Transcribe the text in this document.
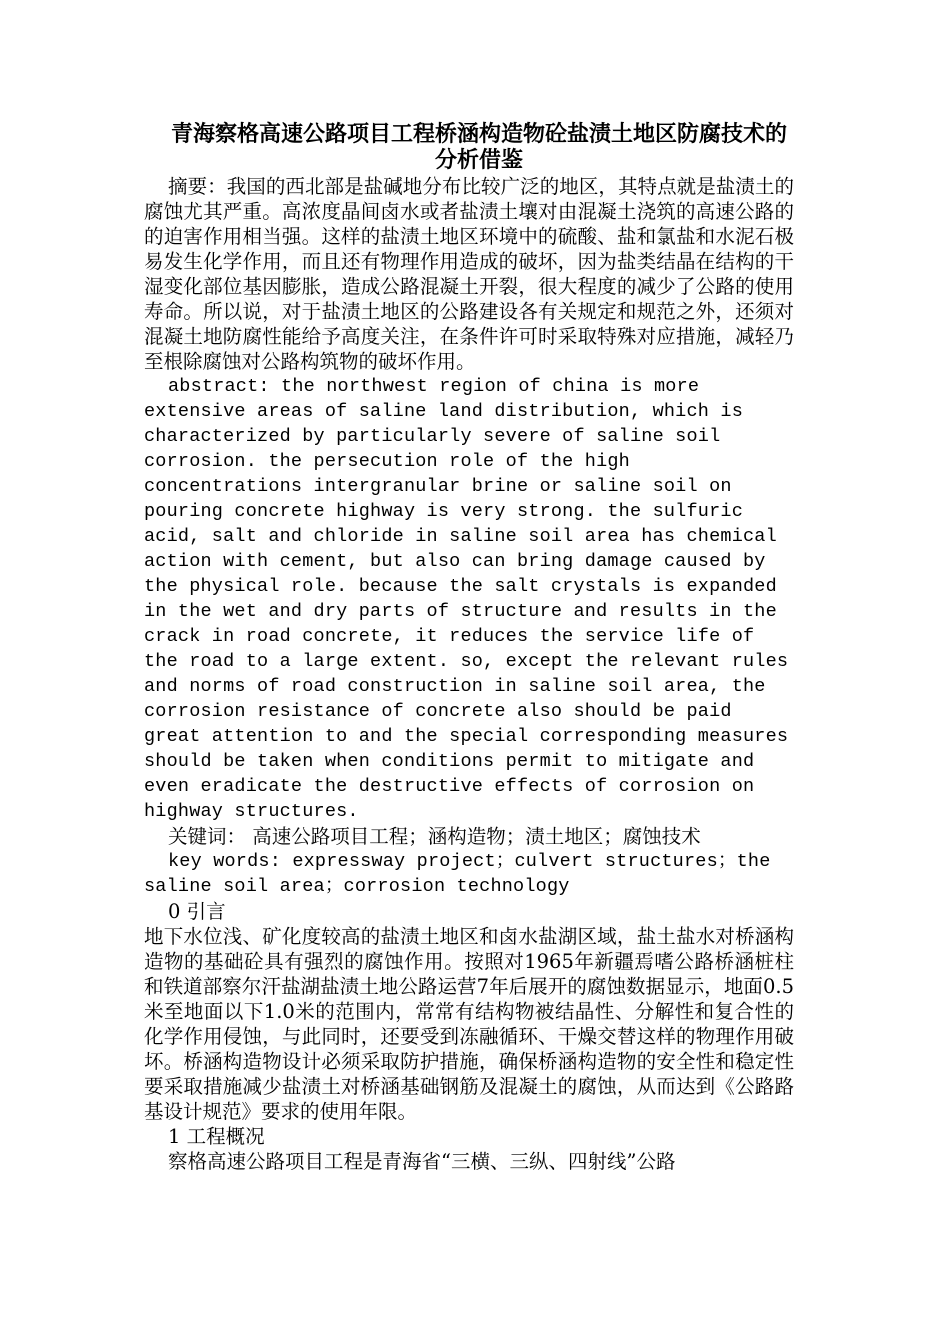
青海察格高速公路项目工程桥涵构造物砼盐渍土地区防腐技术的分析借鉴

摘要：我国的西北部是盐碱地分布比较广泛的地区，其特点就是盐渍土的腐蚀尤其严重。高浓度晶间卤水或者盐渍土壤对由混凝土浇筑的高速公路的的迫害作用相当强。这样的盐渍土地区环境中的硫酸、盐和氯盐和水泥石极易发生化学作用，而且还有物理作用造成的破坏，因为盐类结晶在结构的干湿变化部位基因膨胀，造成公路混凝土开裂，很大程度的减少了公路的使用寿命。所以说，对于盐渍土地区的公路建设各有关规定和规范之外，还须对混凝土地防腐性能给予高度关注，在条件许可时采取特殊对应措施，减轻乃至根除腐蚀对公路构筑物的破坏作用。

abstract: the northwest region of china is more extensive areas of saline land distribution, which is characterized by particularly severe of saline soil corrosion. the persecution role of the high concentrations intergranular brine or saline soil on pouring concrete highway is very strong. the sulfuric acid, salt and chloride in saline soil area has chemical action with cement, but also can bring damage caused by the physical role. because the salt crystals is expanded in the wet and dry parts of structure and results in the crack in road concrete, it reduces the service life of the road to a large extent. so, except the relevant rules and norms of road construction in saline soil area, the corrosion resistance of concrete also should be paid great attention to and the special corresponding measures should be taken when conditions permit to mitigate and even eradicate the destructive effects of corrosion on highway structures.

关键词： 高速公路项目工程；涵构造物；渍土地区；腐蚀技术

key words: expressway project；culvert structures；the saline soil area；corrosion technology

0 引言

地下水位浅、矿化度较高的盐渍土地区和卤水盐湖区域，盐土盐水对桥涵构造物的基础砼具有强烈的腐蚀作用。按照对1965年新疆焉嗜公路桥涵桩柱和铁道部察尔汗盐湖盐渍土地公路运营7年后展开的腐蚀数据显示，地面0.5米至地面以下1.0米的范围内，常常有结构物被结晶性、分解性和复合性的化学作用侵蚀，与此同时，还要受到冻融循环、干燥交替这样的物理作用破坏。桥涵构造物设计必须采取防护措施，确保桥涵构造物的安全性和稳定性要采取措施减少盐渍土对桥涵基础钢筋及混凝土的腐蚀，从而达到《公路路基设计规范》要求的使用年限。

1 工程概况

察格高速公路项目工程是青海省“三横、三纵、四射线”公路
